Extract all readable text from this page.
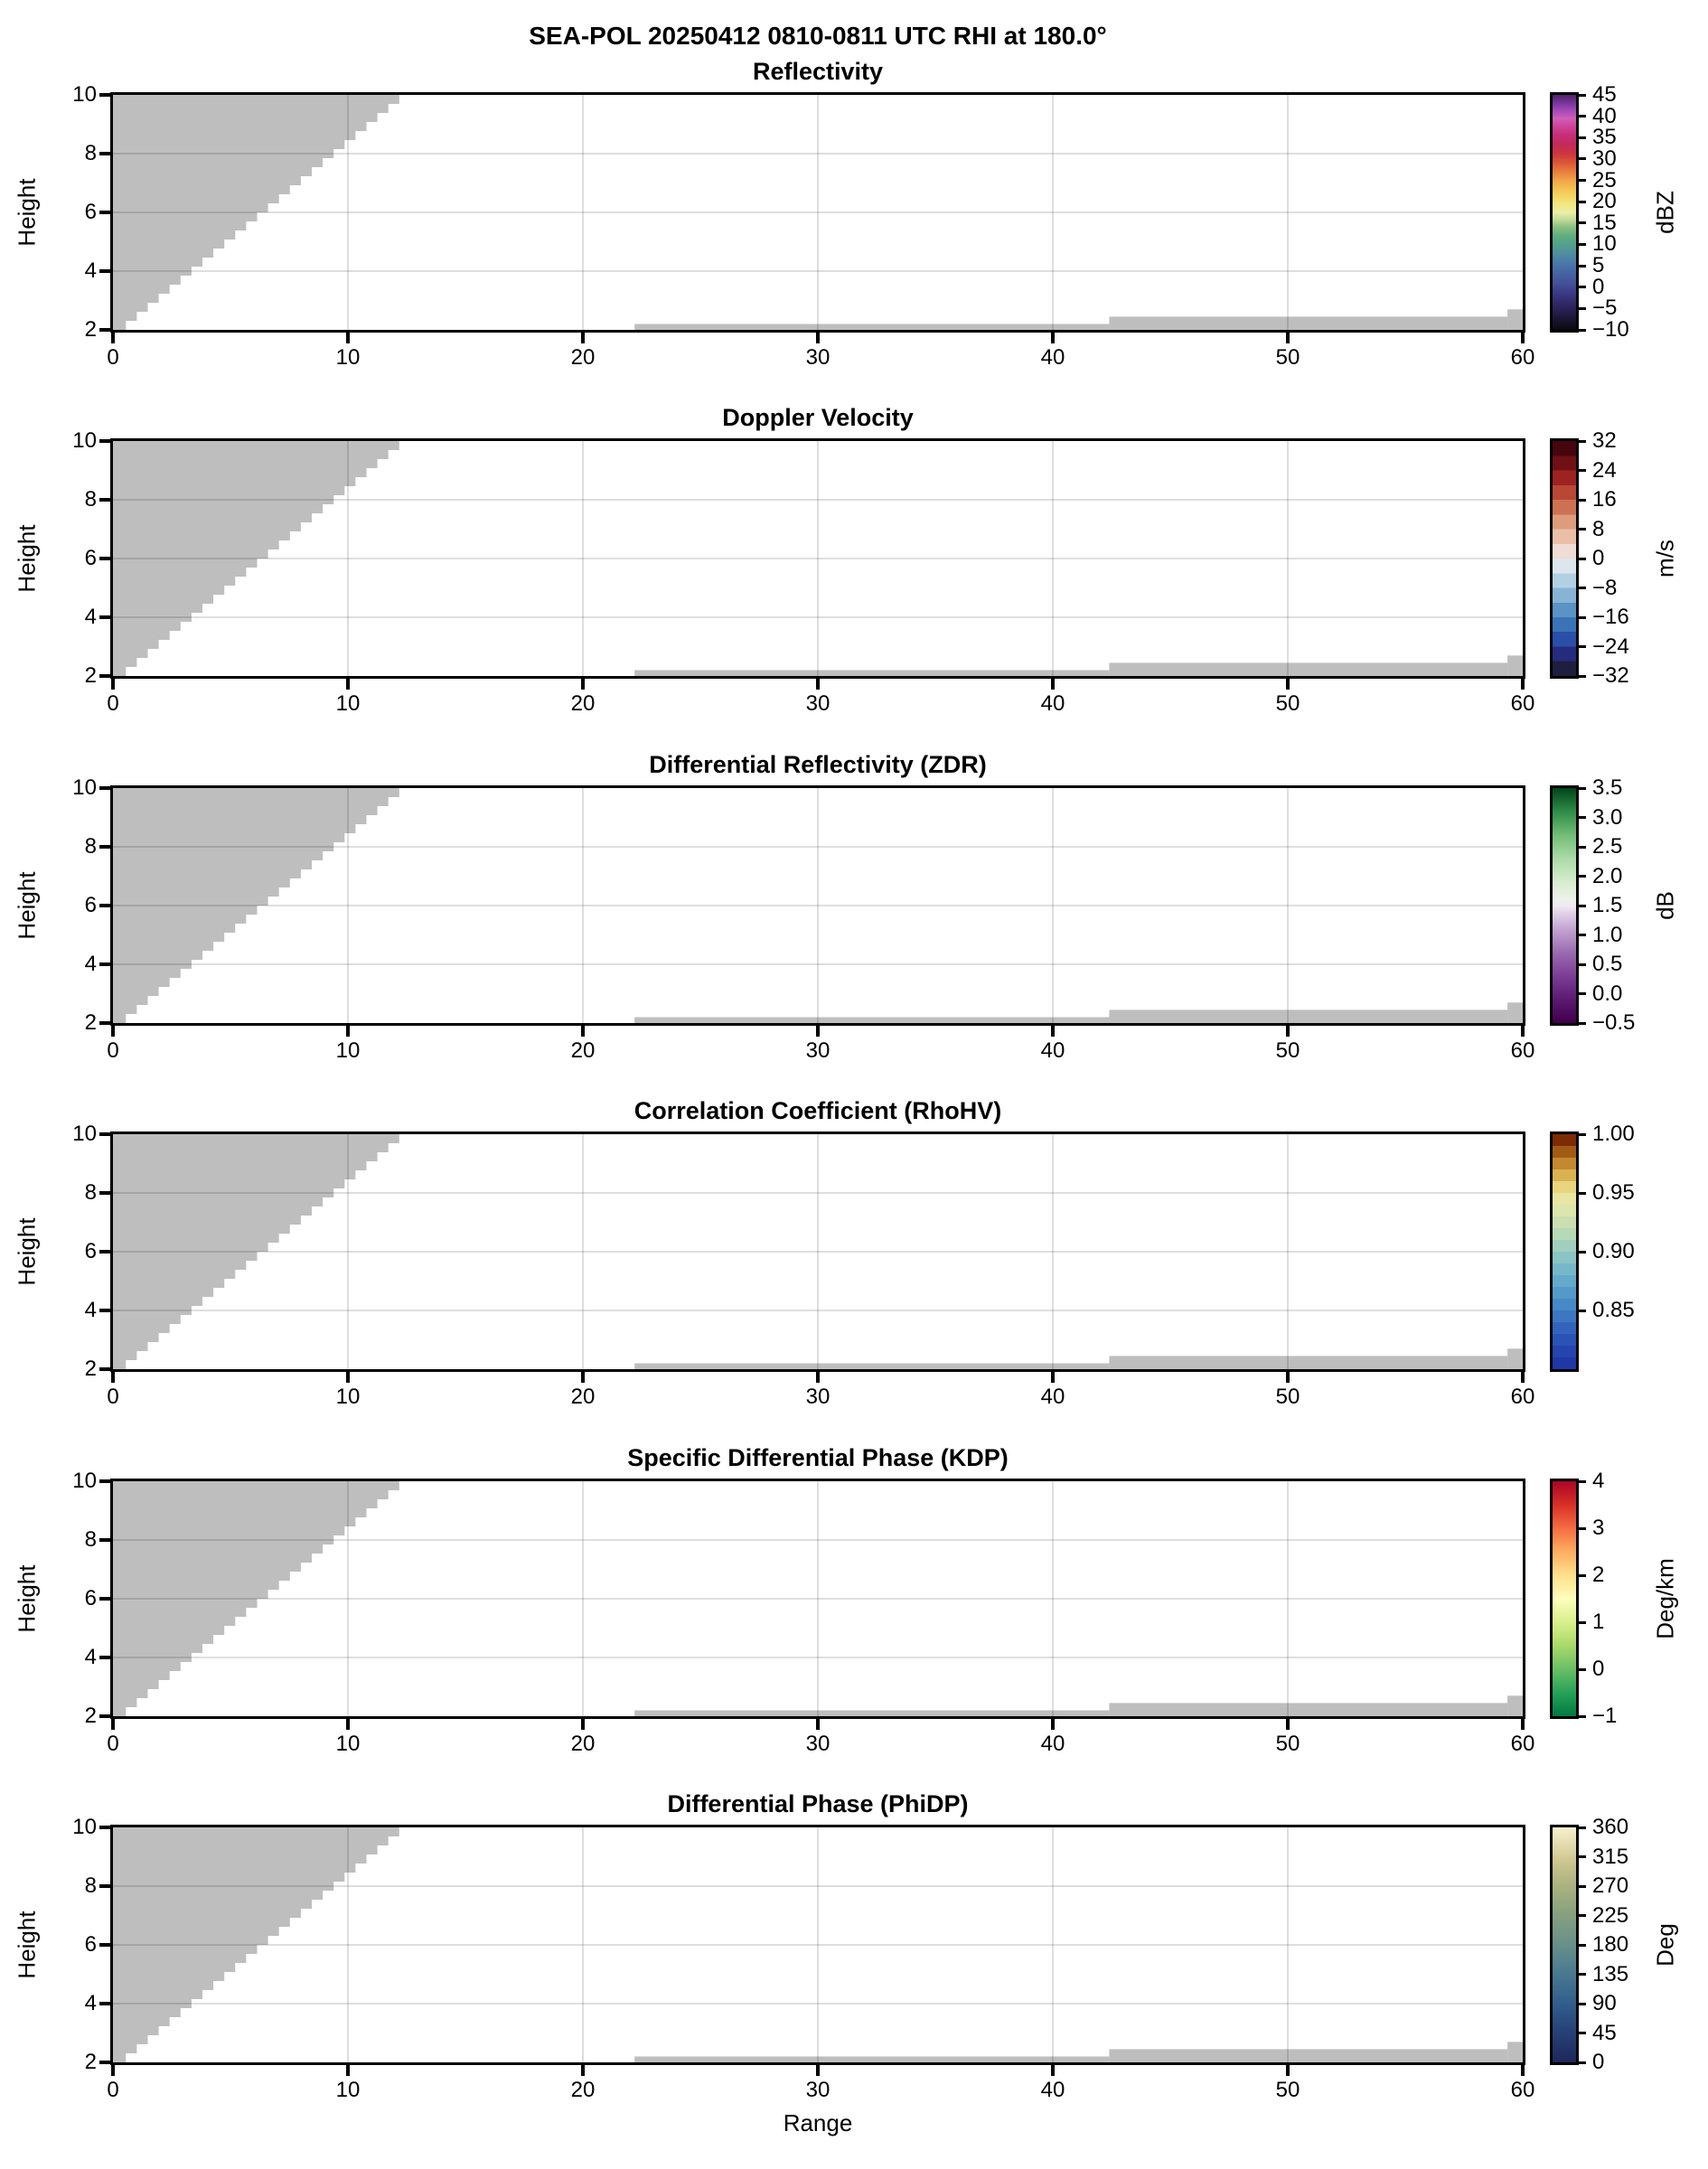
SEA-POL 20250412 0810-0811 UTC RHI at 180.0°
Reflectivity
0	10	20	30	40	50	60
2
4
6
8
10
Height
45
40
35
30
25
20
15
10
5
0
−5
−10
dBZ
Doppler Velocity
0	10	20	30	40	50	60
2
4
6
8
10
Height
32
24
16
8
0
−8
−16
−24
−32
m/s
Differential Reflectivity (ZDR)
0	10	20	30	40	50	60
2
4
6
8
10
Height
3.5
3.0
2.5
2.0
1.5
1.0
0.5
0.0
−0.5
dB
Correlation Coefficient (RhoHV)
0	10	20	30	40	50	60
2
4
6
8
10
Height
1.00
0.95
0.90
0.85
Specific Differential Phase (KDP)
0	10	20	30	40	50	60
2
4
6
8
10
Height
4
3
2
1
0
−1
Deg/km
Differential Phase (PhiDP)
0	10	20	30	40	50	60
2
4
6
8
10
Height
360
315
270
225
180
135
90
45
0
Deg
Range
